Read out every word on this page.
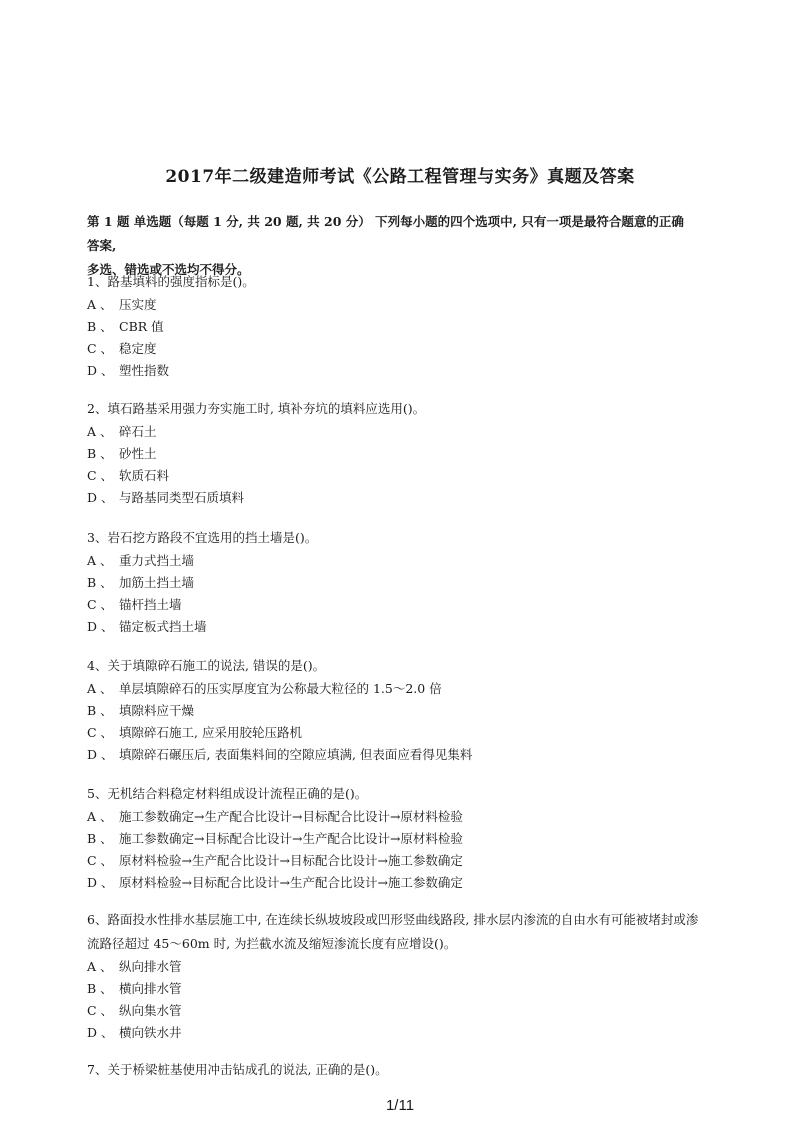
2017年二级建造师考试《公路工程管理与实务》真题及答案
第 1 题 单选题（每题 1 分, 共 20 题, 共 20 分） 下列每小题的四个选项中, 只有一项是最符合题意的正确答案,
多选、错选或不选均不得分。
1、路基填料的强度指标是()。
A 、 压实度
B 、 CBR 值
C 、 稳定度
D 、 塑性指数
2、填石路基采用强力夯实施工时, 填补夯坑的填料应选用()。
A 、 碎石土
B 、 砂性土
C 、 软质石料
D 、 与路基同类型石质填料
3、岩石挖方路段不宜选用的挡土墙是()。
A 、 重力式挡土墙
B 、 加筋土挡土墙
C 、 锚杆挡土墙
D 、 锚定板式挡土墙
4、关于填隙碎石施工的说法, 错误的是()。
A 、 单层填隙碎石的压实厚度宜为公称最大粒径的 1.5～2.0 倍
B 、 填隙料应干燥
C 、 填隙碎石施工, 应采用胶轮压路机
D 、 填隙碎石碾压后, 表面集料间的空隙应填满, 但表面应看得见集料
5、无机结合料稳定材料组成设计流程正确的是()。
A 、 施工参数确定→生产配合比设计→目标配合比设计→原材料检验
B 、 施工参数确定→目标配合比设计→生产配合比设计→原材料检验
C 、 原材料检验→生产配合比设计→目标配合比设计→施工参数确定
D 、 原材料检验→目标配合比设计→生产配合比设计→施工参数确定
6、路面投水性排水基层施工中, 在连续长纵坡坡段或凹形竖曲线路段, 排水层内渗流的自由水有可能被堵封或渗流路径超过 45～60m 时, 为拦截水流及缩短渗流长度有应增设()。
A 、 纵向排水管
B 、 横向排水管
C 、 纵向集水管
D 、 横向铁水井
7、关于桥梁桩基使用冲击钻成孔的说法, 正确的是()。
1/11
